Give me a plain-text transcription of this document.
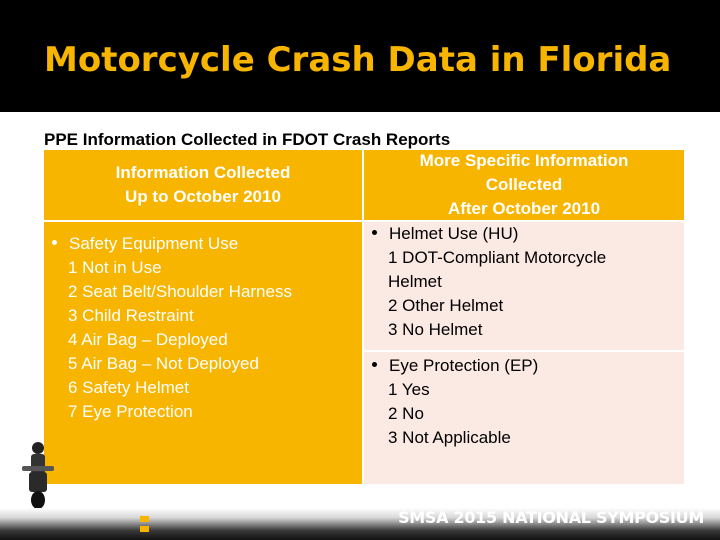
Motorcycle Crash Data in Florida

PPE Information Collected in FDOT Crash Reports

Information Collected
Up to October 2010
More Specific Information
Collected
After October 2010
Safety Equipment Use
1 Not in Use
2 Seat Belt/Shoulder Harness
3 Child Restraint
4 Air Bag – Deployed
5 Air Bag – Not Deployed
6 Safety Helmet
7 Eye Protection
Helmet Use (HU)
1 DOT-Compliant Motorcycle
Helmet
2 Other Helmet
3 No Helmet
Eye Protection (EP)
1 Yes
2 No
3 Not Applicable
SMSA 2015 NATIONAL SYMPOSIUM
